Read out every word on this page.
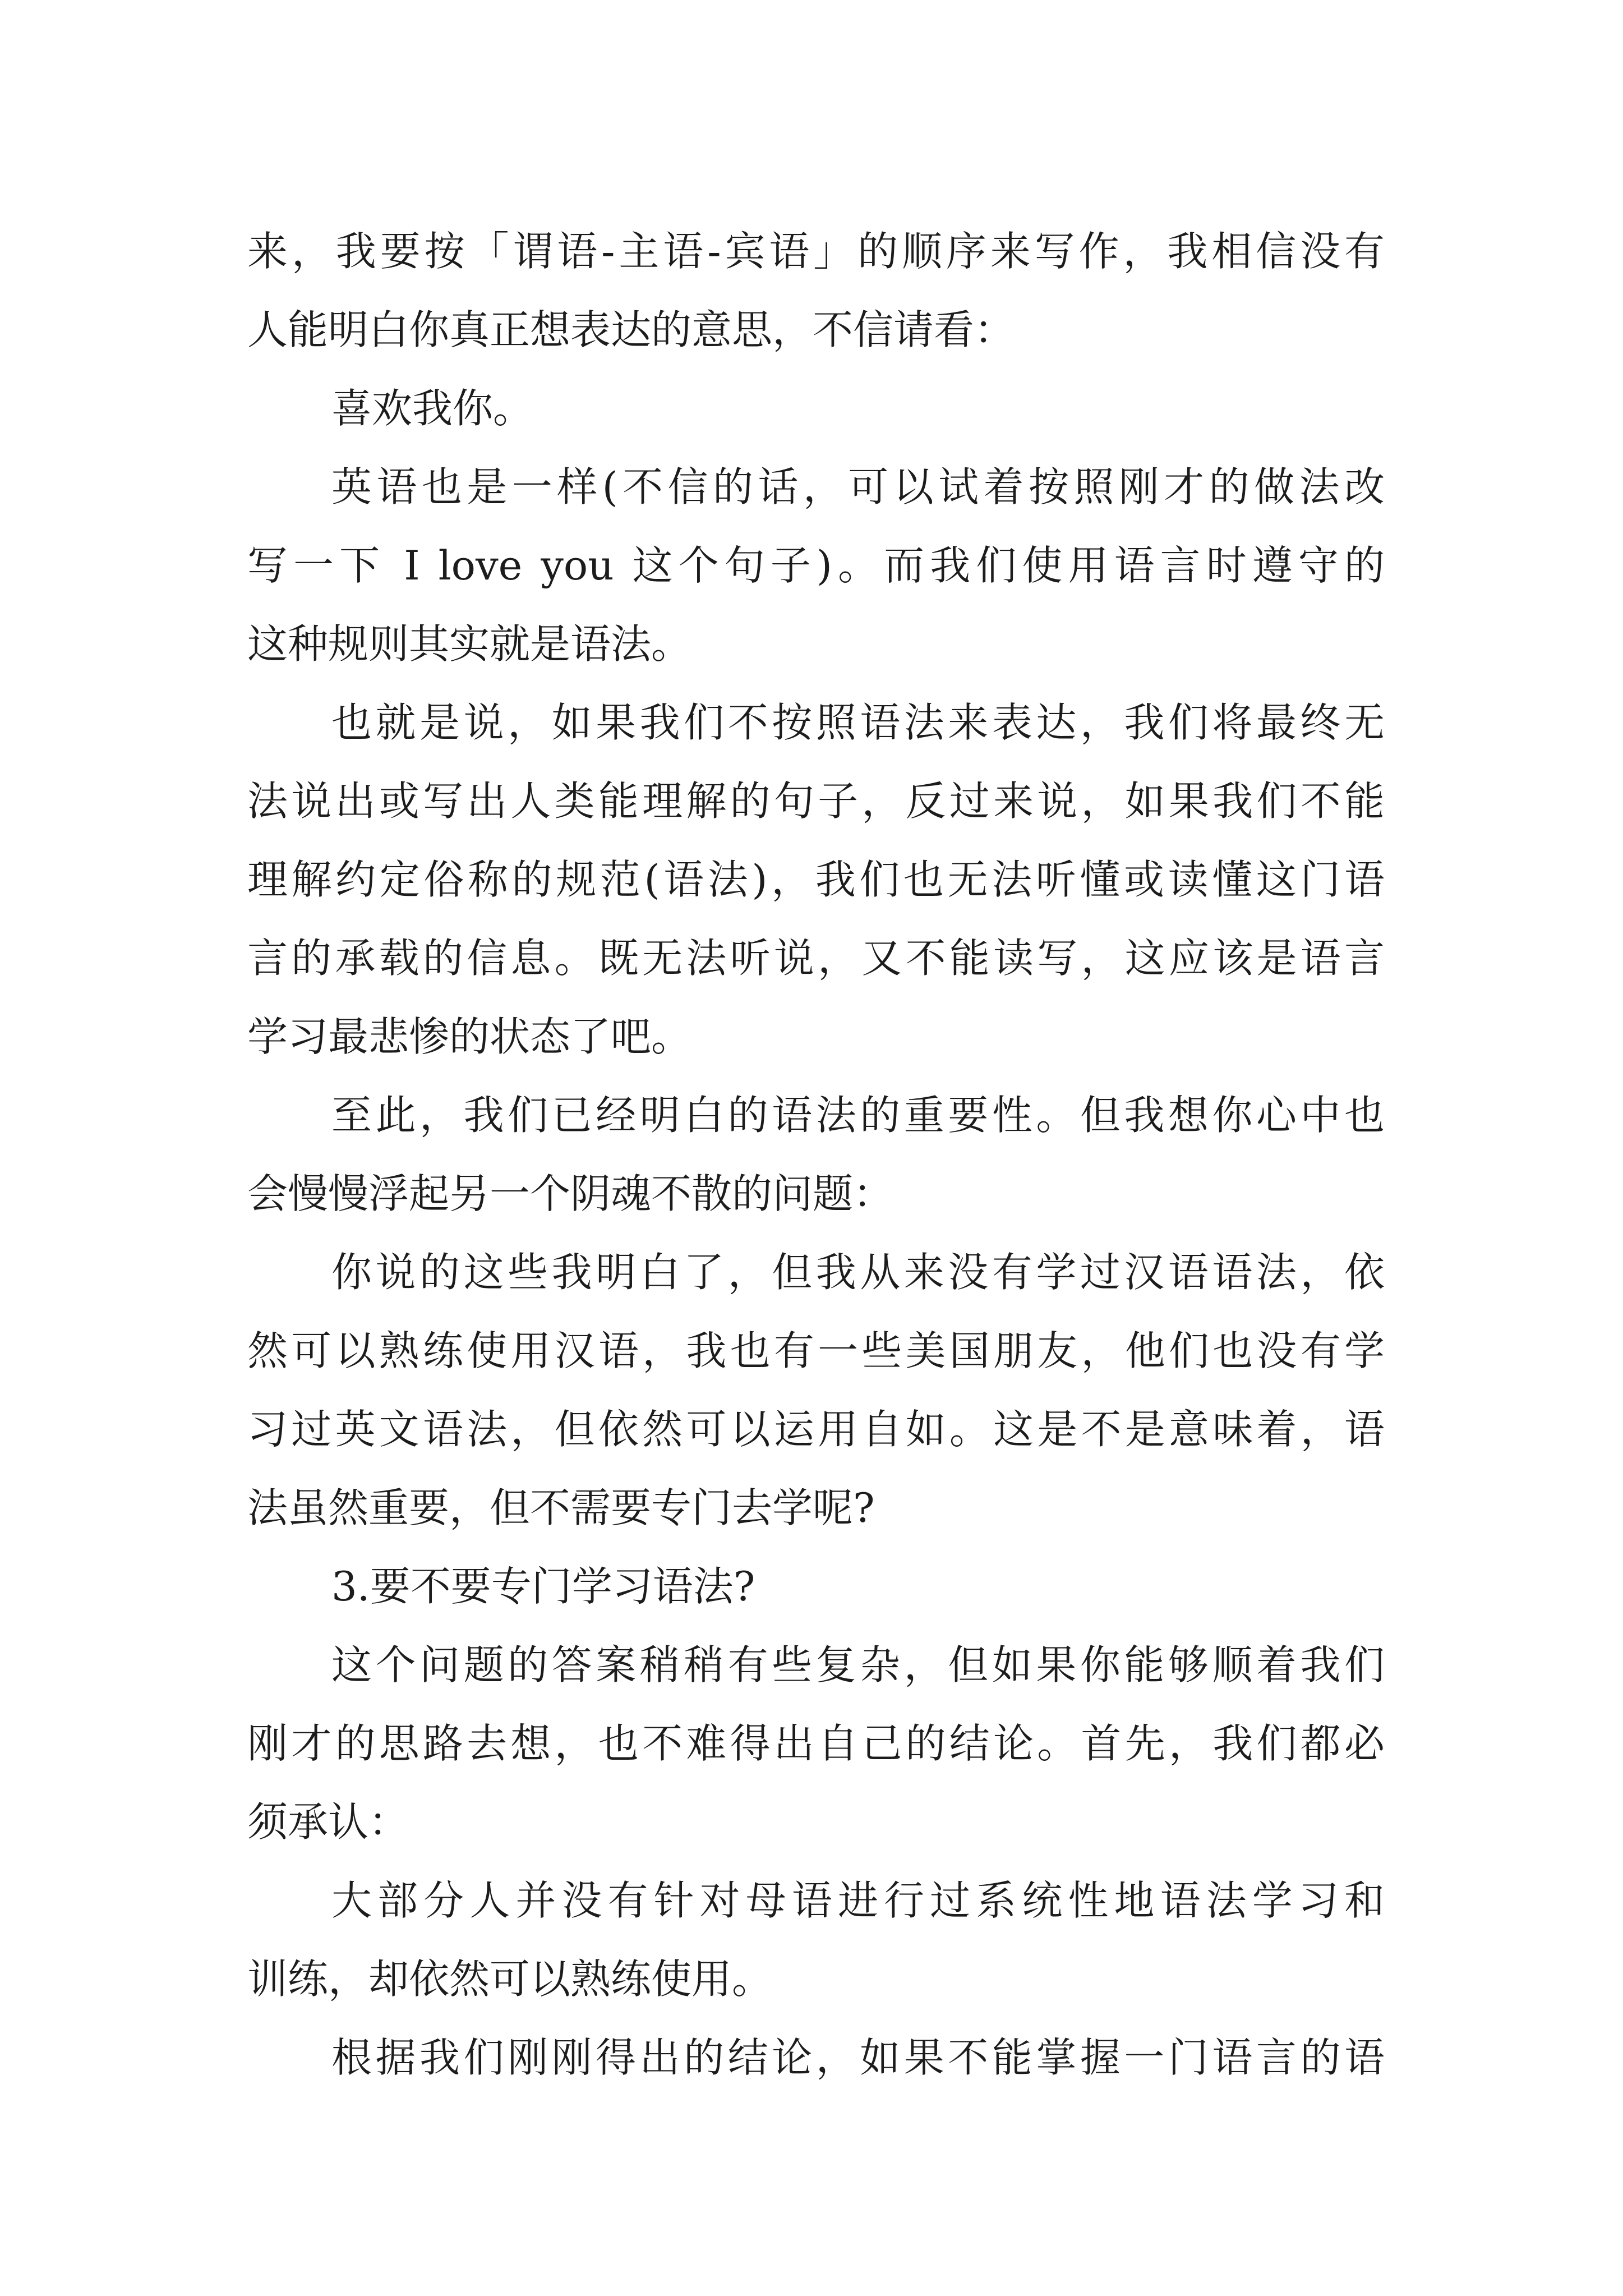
来，我要按「谓语-主语-宾语」的顺序来写作，我相信没有
人能明白你真正想表达的意思，不信请看：
喜欢我你。
英语也是一样(不信的话，可以试着按照刚才的做法改
写一下 I love you 这个句子)。而我们使用语言时遵守的
这种规则其实就是语法。
也就是说，如果我们不按照语法来表达，我们将最终无
法说出或写出人类能理解的句子，反过来说，如果我们不能
理解约定俗称的规范(语法)，我们也无法听懂或读懂这门语
言的承载的信息。既无法听说，又不能读写，这应该是语言
学习最悲惨的状态了吧。
至此，我们已经明白的语法的重要性。但我想你心中也
会慢慢浮起另一个阴魂不散的问题：
你说的这些我明白了，但我从来没有学过汉语语法，依
然可以熟练使用汉语，我也有一些美国朋友，他们也没有学
习过英文语法，但依然可以运用自如。这是不是意味着，语
法虽然重要，但不需要专门去学呢?
3.要不要专门学习语法?
这个问题的答案稍稍有些复杂，但如果你能够顺着我们
刚才的思路去想，也不难得出自己的结论。首先，我们都必
须承认：
大部分人并没有针对母语进行过系统性地语法学习和
训练，却依然可以熟练使用。
根据我们刚刚得出的结论，如果不能掌握一门语言的语
